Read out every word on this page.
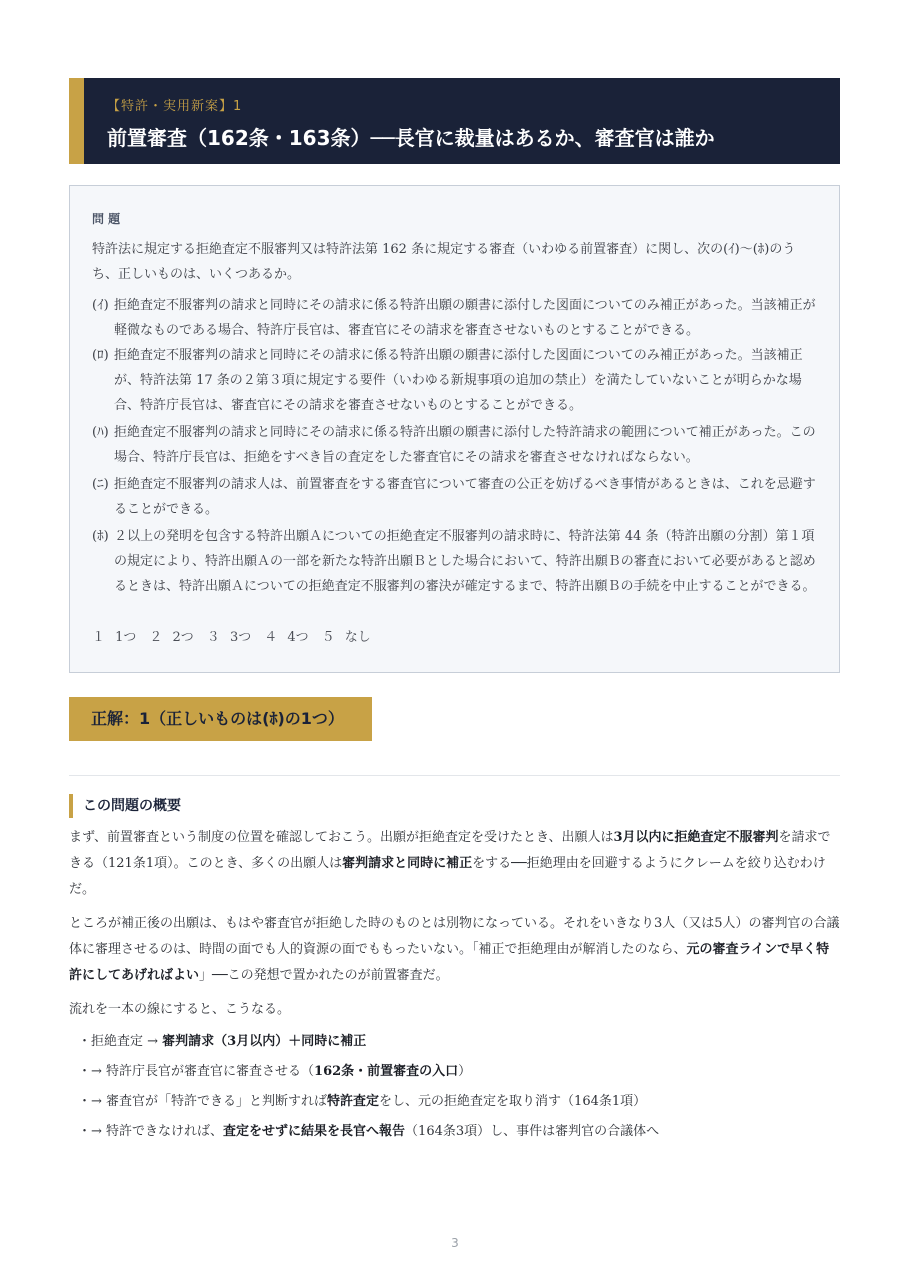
【特許・実用新案】1
前置審査（162条・163条）──長官に裁量はあるか、審査官は誰か
問 題
特許法に規定する拒絶査定不服審判又は特許法第 162 条に規定する審査（いわゆる前置審査）に関し、次の(ｲ)～(ﾎ)のうち、正しいものは、いくつあるか。
(ｲ) 拒絶査定不服審判の請求と同時にその請求に係る特許出願の願書に添付した図面についてのみ補正があった。当該補正が軽微なものである場合、特許庁長官は、審査官にその請求を審査させないものとすることができる。
(ﾛ) 拒絶査定不服審判の請求と同時にその請求に係る特許出願の願書に添付した図面についてのみ補正があった。当該補正が、特許法第 17 条の２第３項に規定する要件（いわゆる新規事項の追加の禁止）を満たしていないことが明らかな場合、特許庁長官は、審査官にその請求を審査させないものとすることができる。
(ﾊ) 拒絶査定不服審判の請求と同時にその請求に係る特許出願の願書に添付した特許請求の範囲について補正があった。この場合、特許庁長官は、拒絶をすべき旨の査定をした審査官にその請求を審査させなければならない。
(ﾆ) 拒絶査定不服審判の請求人は、前置審査をする審査官について審査の公正を妨げるべき事情があるときは、これを忌避することができる。
(ﾎ) ２以上の発明を包含する特許出願Ａについての拒絶査定不服審判の請求時に、特許法第 44 条（特許出願の分割）第１項の規定により、特許出願Ａの一部を新たな特許出願Ｂとした場合において、特許出願Ｂの審査において必要があると認めるときは、特許出願Ａについての拒絶査定不服審判の審決が確定するまで、特許出願Ｂの手続を中止することができる。
１ 1つ　２ 2つ　３ 3つ　４ 4つ　５ なし
正解：1（正しいものは(ﾎ)の1つ）
この問題の概要
まず、前置審査という制度の位置を確認しておこう。出願が拒絶査定を受けたとき、出願人は3月以内に拒絶査定不服審判を請求できる（121条1項）。このとき、多くの出願人は審判請求と同時に補正をする──拒絶理由を回避するようにクレームを絞り込むわけだ。
ところが補正後の出願は、もはや審査官が拒絶した時のものとは別物になっている。それをいきなり3人（又は5人）の審判官の合議体に審理させるのは、時間の面でも人的資源の面でももったいない。「補正で拒絶理由が解消したのなら、元の審査ラインで早く特許にしてあげればよい」──この発想で置かれたのが前置審査だ。
流れを一本の線にすると、こうなる。
・拒絶査定 → 審判請求（3月以内）＋同時に補正
・→ 特許庁長官が審査官に審査させる（162条・前置審査の入口）
・→ 審査官が「特許できる」と判断すれば特許査定をし、元の拒絶査定を取り消す（164条1項）
・→ 特許できなければ、査定をせずに結果を長官へ報告（164条3項）し、事件は審判官の合議体へ
3
